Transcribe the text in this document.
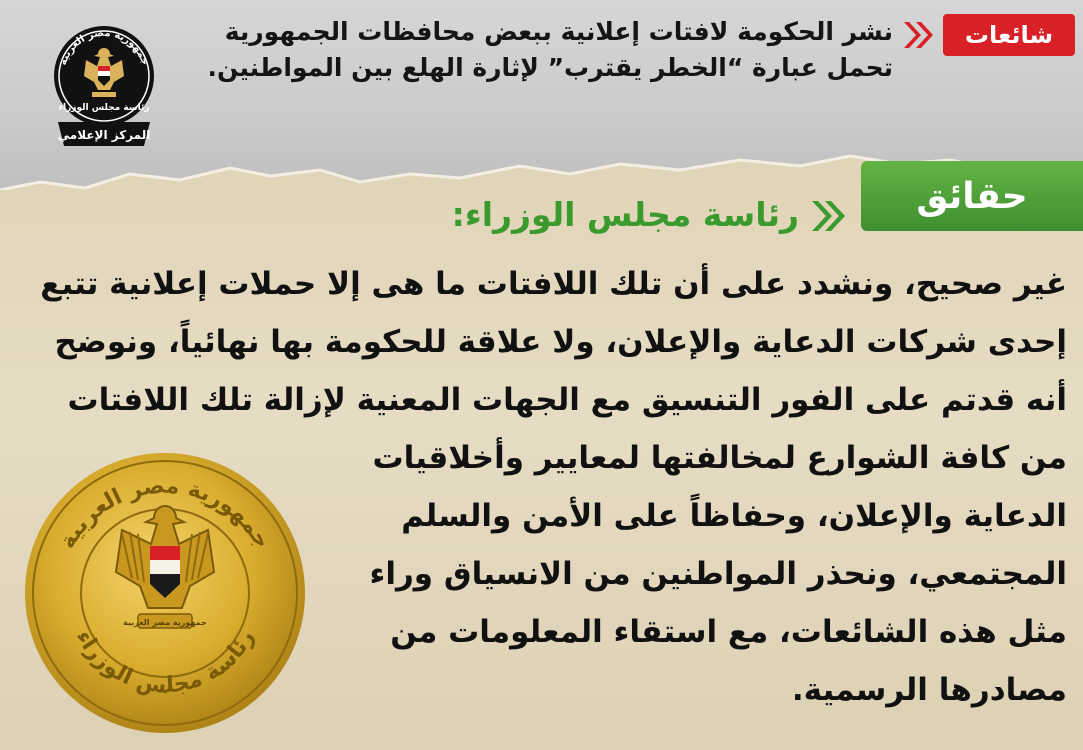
شائعات
نشر الحكومة لافتات إعلانية ببعض محافظات الجمهورية
تحمل عبارة “الخطر يقترب” لإثارة الهلع بين المواطنين.
جمهورية مصر العربية
رئاسة مجلس الوزراء
المركز الإعلامي
حقائق
رئاسة مجلس الوزراء:
غير صحيح، ونشدد على أن تلك اللافتات ما هى إلا حملات إعلانية تتبع
إحدى شركات الدعاية والإعلان، ولا علاقة للحكومة بها نهائياً، ونوضح
أنه قدتم على الفور التنسيق مع الجهات المعنية لإزالة تلك اللافتات
من كافة الشوارع لمخالفتها لمعايير وأخلاقيات
الدعاية والإعلان، وحفاظاً على الأمن والسلم
المجتمعي، ونحذر المواطنين من الانسياق وراء
مثل هذه الشائعات، مع استقاء المعلومات من
مصادرها الرسمية.
جمهورية مصر العربية
رئاسة مجلس الوزراء
جمهورية مصر العربية
